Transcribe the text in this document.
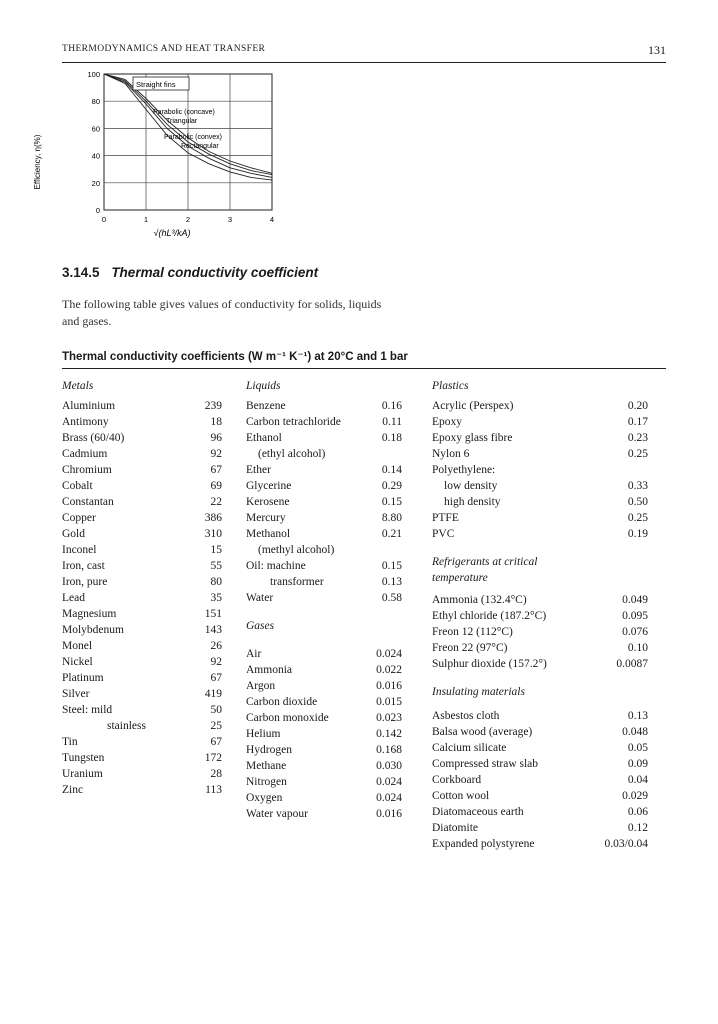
THERMODYNAMICS AND HEAT TRANSFER	131
0
20
40
60
80
100
0	1	2	3	4
Efficiency, η(%)
Straight fins
Parabolic (concave)
Triangular
Parabolic (convex)
Rectangular
√(hL³/kA)
3.14.5 Thermal conductivity coefficient
The following table gives values of conductivity for solids, liquids and gases.
Thermal conductivity coefficients (W m⁻¹ K⁻¹) at 20°C and 1 bar
Metals
Aluminium	239
Antimony	18
Brass (60/40)	96
Cadmium	92
Chromium	67
Cobalt	69
Constantan	22
Copper	386
Gold	310
Inconel	15
Iron, cast	55
Iron, pure	80
Lead	35
Magnesium	151
Molybdenum	143
Monel	26
Nickel	92
Platinum	67
Silver	419
Steel: mild	50
stainless	25
Tin	67
Tungsten	172
Uranium	28
Zinc	113
Liquids
Benzene	0.16
Carbon tetrachloride	0.11
Ethanol	0.18
(ethyl alcohol)
Ether	0.14
Glycerine	0.29
Kerosene	0.15
Mercury	8.80
Methanol	0.21
(methyl alcohol)
Oil: machine	0.15
transformer	0.13
Water	0.58
Gases
Air	0.024
Ammonia	0.022
Argon	0.016
Carbon dioxide	0.015
Carbon monoxide	0.023
Helium	0.142
Hydrogen	0.168
Methane	0.030
Nitrogen	0.024
Oxygen	0.024
Water vapour	0.016
Plastics
Acrylic (Perspex)	0.20
Epoxy	0.17
Epoxy glass fibre	0.23
Nylon 6	0.25
Polyethylene:
low density	0.33
high density	0.50
PTFE	0.25
PVC	0.19
Refrigerants at critical
temperature
Ammonia (132.4°C)	0.049
Ethyl chloride (187.2°C)	0.095
Freon 12 (112°C)	0.076
Freon 22 (97°C)	0.10
Sulphur dioxide (157.2°)	0.0087
Insulating materials
Asbestos cloth	0.13
Balsa wood (average)	0.048
Calcium silicate	0.05
Compressed straw slab	0.09
Corkboard	0.04
Cotton wool	0.029
Diatomaceous earth	0.06
Diatomite	0.12
Expanded polystyrene	0.03/0.04
